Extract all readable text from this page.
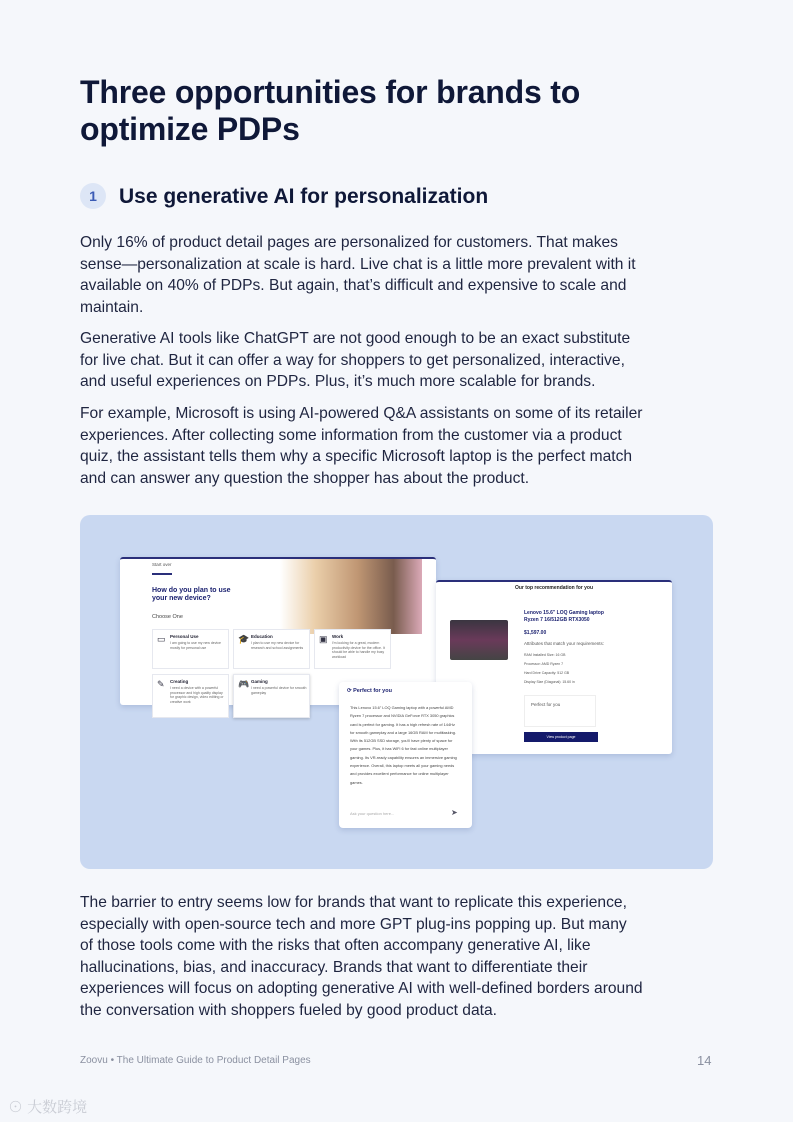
Three opportunities for brands to
optimize PDPs
1	Use generative AI for personalization

Only 16% of product detail pages are personalized for customers. That makes
sense—personalization at scale is hard. Live chat is a little more prevalent with it
available on 40% of PDPs. But again, that’s difficult and expensive to scale and
maintain.

Generative AI tools like ChatGPT are not good enough to be an exact substitute
for live chat. But it can offer a way for shoppers to get personalized, interactive,
and useful experiences on PDPs. Plus, it’s much more scalable for brands.

For example, Microsoft is using AI-powered Q&A assistants on some of its retailer
experiences. After collecting some information from the customer via a product
quiz, the assistant tells them why a specific Microsoft laptop is the perfect match
and can answer any question the shopper has about the product.

Start over
How do you plan to use your new device?
Choose One
▭ Personal Use
I am going to use my new device mostly for personal use
🎓 Education
I plan to use my new device for research and school assignments
▣ Work
I'm looking for a great, modern productivity device for the office. It should be able to handle my busy workload
✎ Creating
I need a device with a powerful processor and high quality display for graphic design, video editing or creative work
🎮 Gaming
I need a powerful device for smooth gameplay
Our top recommendation for you
Lenovo 15.6" LOQ Gaming laptop Ryzen 7 16/512GB RTX3050
$1,597.00
Attributes that match your requirements:
RAM Installed Size: 16 GB
Processor: AMD Ryzen 7
Hard Drive Capacity: 512 GB
Display Size (Diagonal): 15.60 in
Perfect for you
View product page
⟳ Perfect for you
This Lenovo 15.6" LOQ Gaming laptop with a powerful AMD Ryzen 7 processor and NVIDIA GeForce RTX 3050 graphics card is perfect for gaming. It has a high refresh rate of 144Hz for smooth gameplay and a large 16GB RAM for multitasking. With its 512GB SSD storage, you'll have plenty of space for your games. Plus, it has WiFi 6 for fast online multiplayer gaming. Its VR-ready capability ensures an immersive gaming experience. Overall, this laptop meets all your gaming needs and provides excellent performance for online multiplayer games.
Ask your question here...	➤

The barrier to entry seems low for brands that want to replicate this experience,
especially with open-source tech and more GPT plug-ins popping up. But many
of those tools come with the risks that often accompany generative AI, like
hallucinations, bias, and inaccuracy. Brands that want to differentiate their
experiences will focus on adopting generative AI with well-defined borders around
the conversation with shoppers fueled by good product data.

Zoovu • The Ultimate Guide to Product Detail Pages	14
⊙ 大数跨境
